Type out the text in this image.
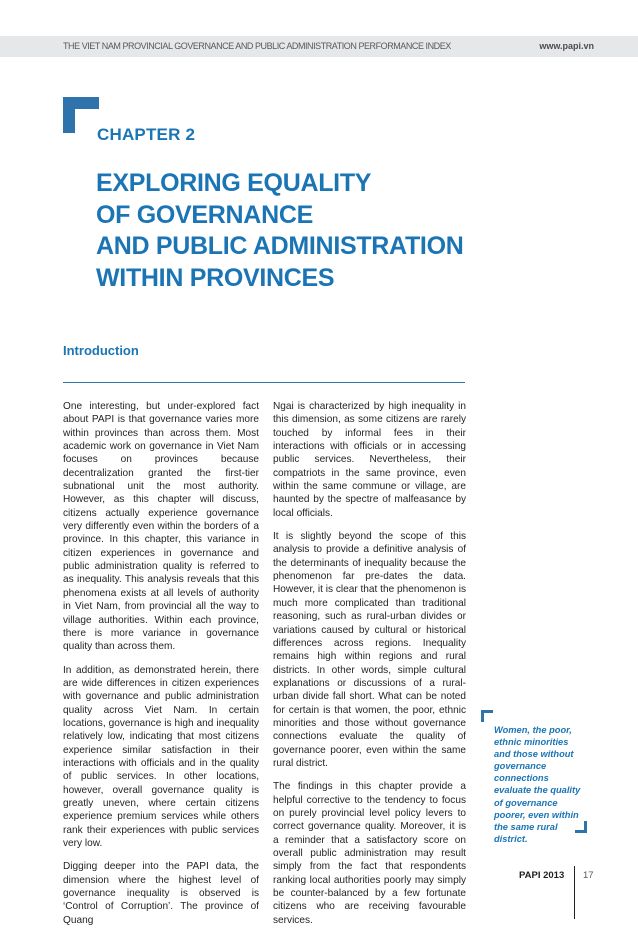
THE VIET NAM PROVINCIAL GOVERNANCE AND PUBLIC ADMINISTRATION PERFORMANCE INDEX	www.papi.vn
CHAPTER 2
EXPLORING EQUALITY
OF GOVERNANCE
AND PUBLIC ADMINISTRATION
WITHIN PROVINCES
Introduction

One interesting, but under-explored fact about PAPI is that governance varies more within provinces than across them. Most academic work on governance in Viet Nam focuses on provinces because decentralization granted the first-tier subnational unit the most authority. However, as this chapter will discuss, citizens actually experience governance very differently even within the borders of a province. In this chapter, this variance in citizen experiences in governance and public administration quality is referred to as inequality. This analysis reveals that this phenomena exists at all levels of authority in Viet Nam, from provincial all the way to village authorities. Within each province, there is more variance in governance quality than across them.

In addition, as demonstrated herein, there are wide differences in citizen experiences with governance and public administration quality across Viet Nam. In certain locations, governance is high and inequality relatively low, indicating that most citizens experience similar satisfaction in their interactions with officials and in the quality of public services. In other locations, however, overall governance quality is greatly uneven, where certain citizens experience premium services while others rank their experiences with public services very low.

Digging deeper into the PAPI data, the dimension where the highest level of governance inequality is observed is ‘Control of Corruption’. The province of Quang

Ngai is characterized by high inequality in this dimension, as some citizens are rarely touched by informal fees in their interactions with officials or in accessing public services. Nevertheless, their compatriots in the same province, even within the same commune or village, are haunted by the spectre of malfeasance by local officials.

It is slightly beyond the scope of this analysis to provide a definitive analysis of the determinants of inequality because the phenomenon far pre-dates the data. However, it is clear that the phenomenon is much more complicated than traditional reasoning, such as rural-urban divides or variations caused by cultural or historical differences across regions. Inequality remains high within regions and rural districts. In other words, simple cultural explanations or discussions of a rural-urban divide fall short. What can be noted for certain is that women, the poor, ethnic minorities and those without governance connections evaluate the quality of governance poorer, even within the same rural district.

The findings in this chapter provide a helpful corrective to the tendency to focus on purely provincial level policy levers to correct governance quality. Moreover, it is a reminder that a satisfactory score on overall public administration may result simply from the fact that respondents ranking local authorities poorly may simply be counter-balanced by a few fortunate citizens who are receiving favourable services.

Women, the poor, ethnic minorities and those without governance connections evaluate the quality of governance poorer, even within the same rural district.
PAPI 2013 17
